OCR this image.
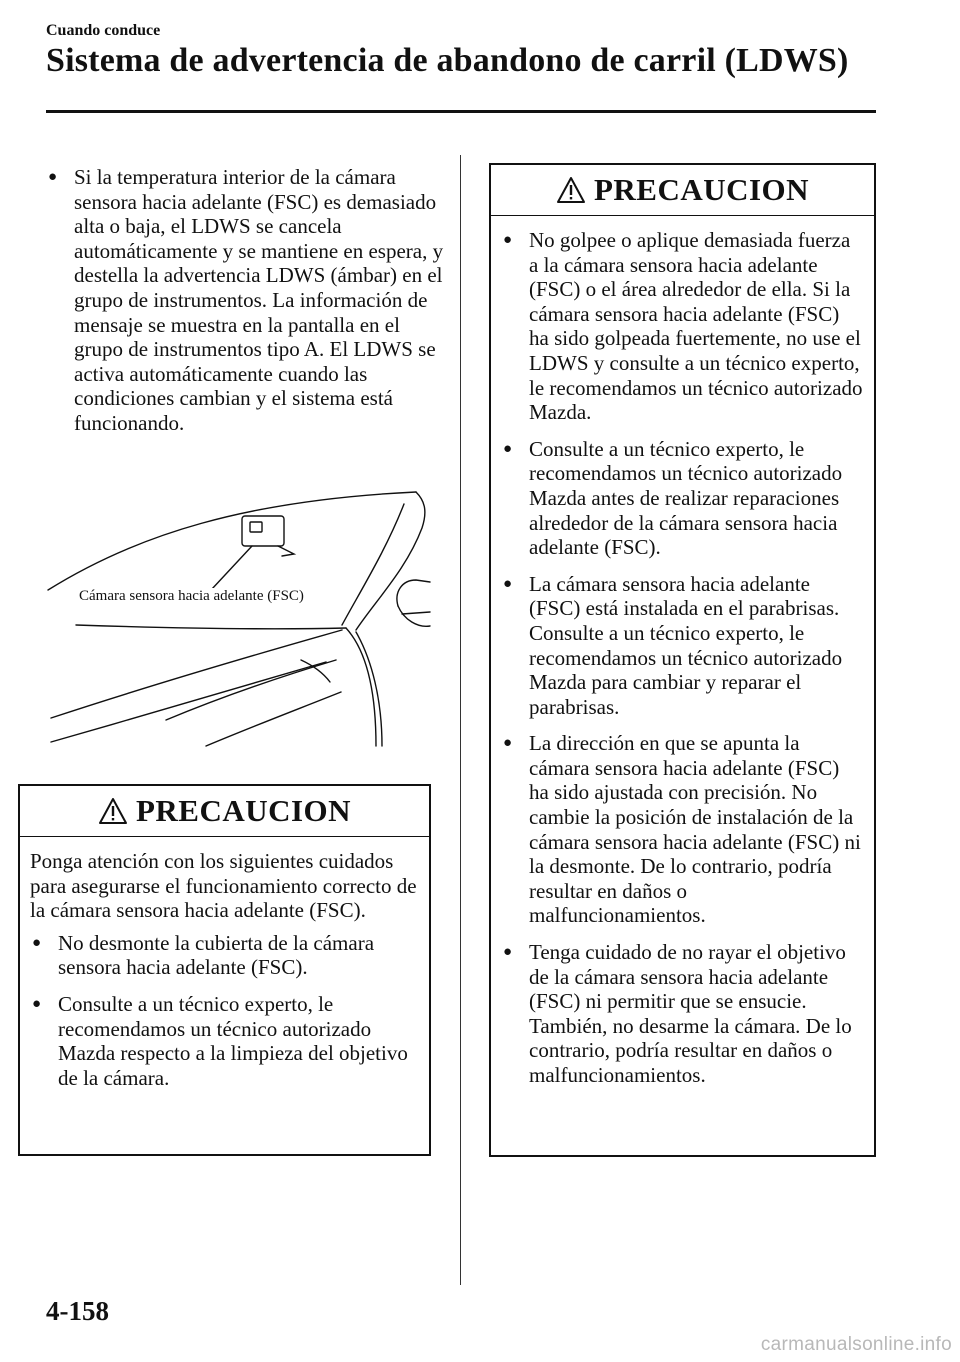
Cuando conduce
Sistema de advertencia de abandono de carril (LDWS)
● Si la temperatura interior de la cámara sensora hacia adelante (FSC) es demasiado alta o baja, el LDWS se cancela automáticamente y se mantiene en espera, y destella la advertencia LDWS (ámbar) en el grupo de instrumentos. La información de mensaje se muestra en la pantalla en el grupo de instrumentos tipo A. El LDWS se activa automáticamente cuando las condiciones cambian y el sistema está funcionando.
Cámara sensora hacia adelante (FSC)
PRECAUCION

Ponga atención con los siguientes cuidados para asegurarse el funcionamiento correcto de la cámara sensora hacia adelante (FSC).

● No desmonte la cubierta de la cámara sensora hacia adelante (FSC).
● Consulte a un técnico experto, le recomendamos un técnico autorizado Mazda respecto a la limpieza del objetivo de la cámara.
PRECAUCION
● No golpee o aplique demasiada fuerza a la cámara sensora hacia adelante (FSC) o el área alrededor de ella. Si la cámara sensora hacia adelante (FSC) ha sido golpeada fuertemente, no use el LDWS y consulte a un técnico experto, le recomendamos un técnico autorizado Mazda.
● Consulte a un técnico experto, le recomendamos un técnico autorizado Mazda antes de realizar reparaciones alrededor de la cámara sensora hacia adelante (FSC).
● La cámara sensora hacia adelante (FSC) está instalada en el parabrisas. Consulte a un técnico experto, le recomendamos un técnico autorizado Mazda para cambiar y reparar el parabrisas.
● La dirección en que se apunta la cámara sensora hacia adelante (FSC) ha sido ajustada con precisión. No cambie la posición de instalación de la cámara sensora hacia adelante (FSC) ni la desmonte. De lo contrario, podría resultar en daños o malfuncionamientos.
● Tenga cuidado de no rayar el objetivo de la cámara sensora hacia adelante (FSC) ni permitir que se ensucie. También, no desarme la cámara. De lo contrario, podría resultar en daños o malfuncionamientos.
4-158
carmanualsonline.info
